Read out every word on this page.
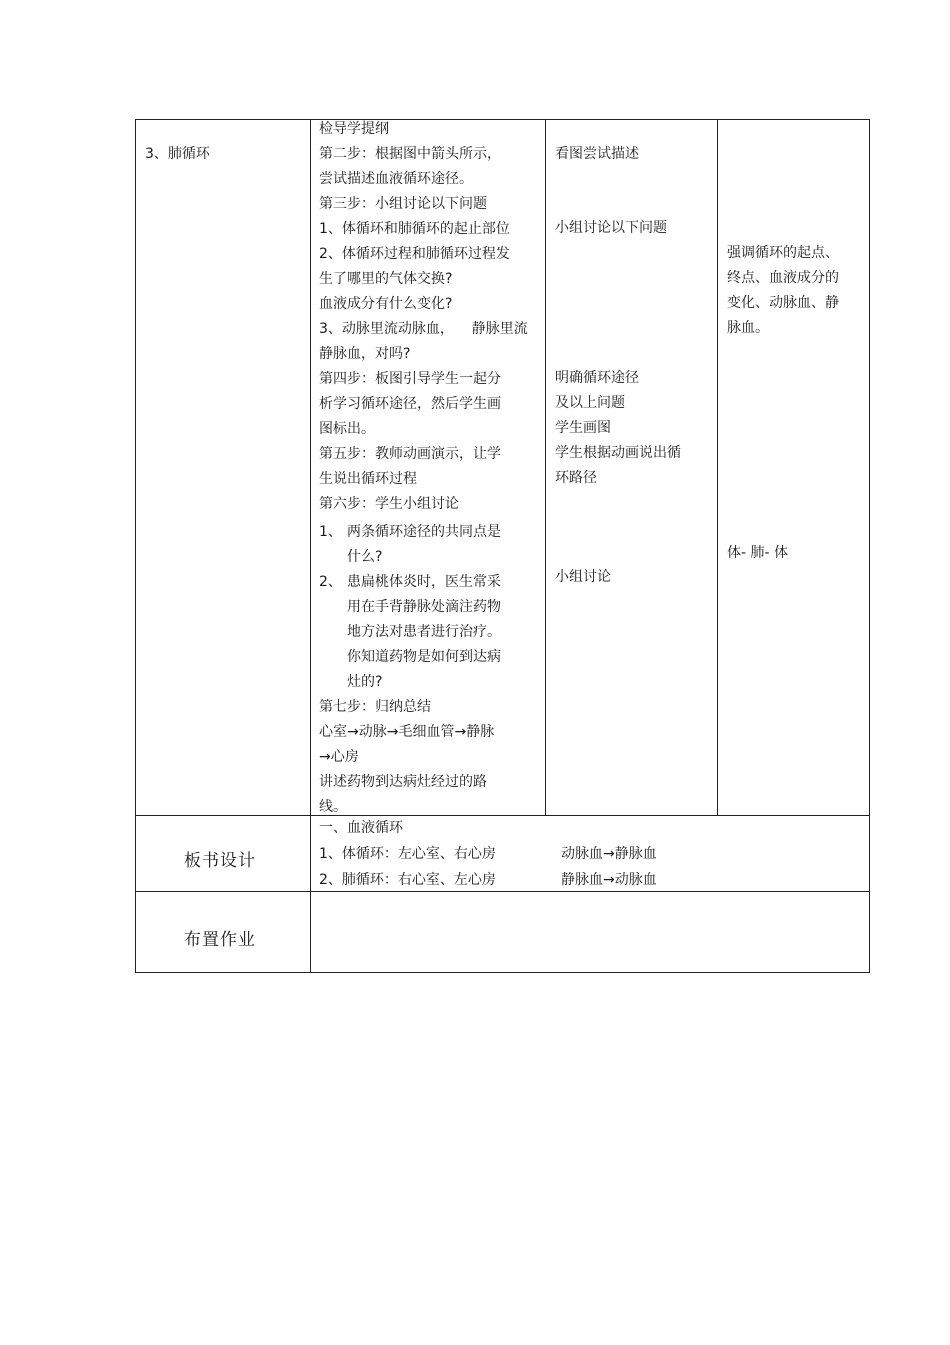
3、肺循环
检导学提纲
第二步：根据图中箭头所示，
尝试描述血液循环途径。
第三步：小组讨论以下问题
1、体循环和肺循环的起止部位
2、体循环过程和肺循环过程发
生了哪里的气体交换?
血液成分有什么变化?
3、动脉里流动脉血，    静脉里流
静脉血，对吗?
第四步：板图引导学生一起分
析学习循环途径，然后学生画
图标出。
第五步：教师动画演示，让学
生说出循环过程
第六步：学生小组讨论
1、 两条循环途径的共同点是
什么?
2、 患扁桃体炎时，医生常采
用在手背静脉处滴注药物
地方法对患者进行治疗。
你知道药物是如何到达病
灶的?
第七步：归纳总结
心室→动脉→毛细血管→静脉
→心房
讲述药物到达病灶经过的路
线。
看图尝试描述
小组讨论以下问题
明确循环途径
及以上问题
学生画图
学生根据动画说出循
环路径
小组讨论
强调循环的起点、
终点、血液成分的
变化、动脉血、静
脉血。
体- 肺- 体
板书设计
一、血液循环
1、体循环：左心室、右心房	动脉血→静脉血
2、肺循环：右心室、左心房	静脉血→动脉血
布置作业
